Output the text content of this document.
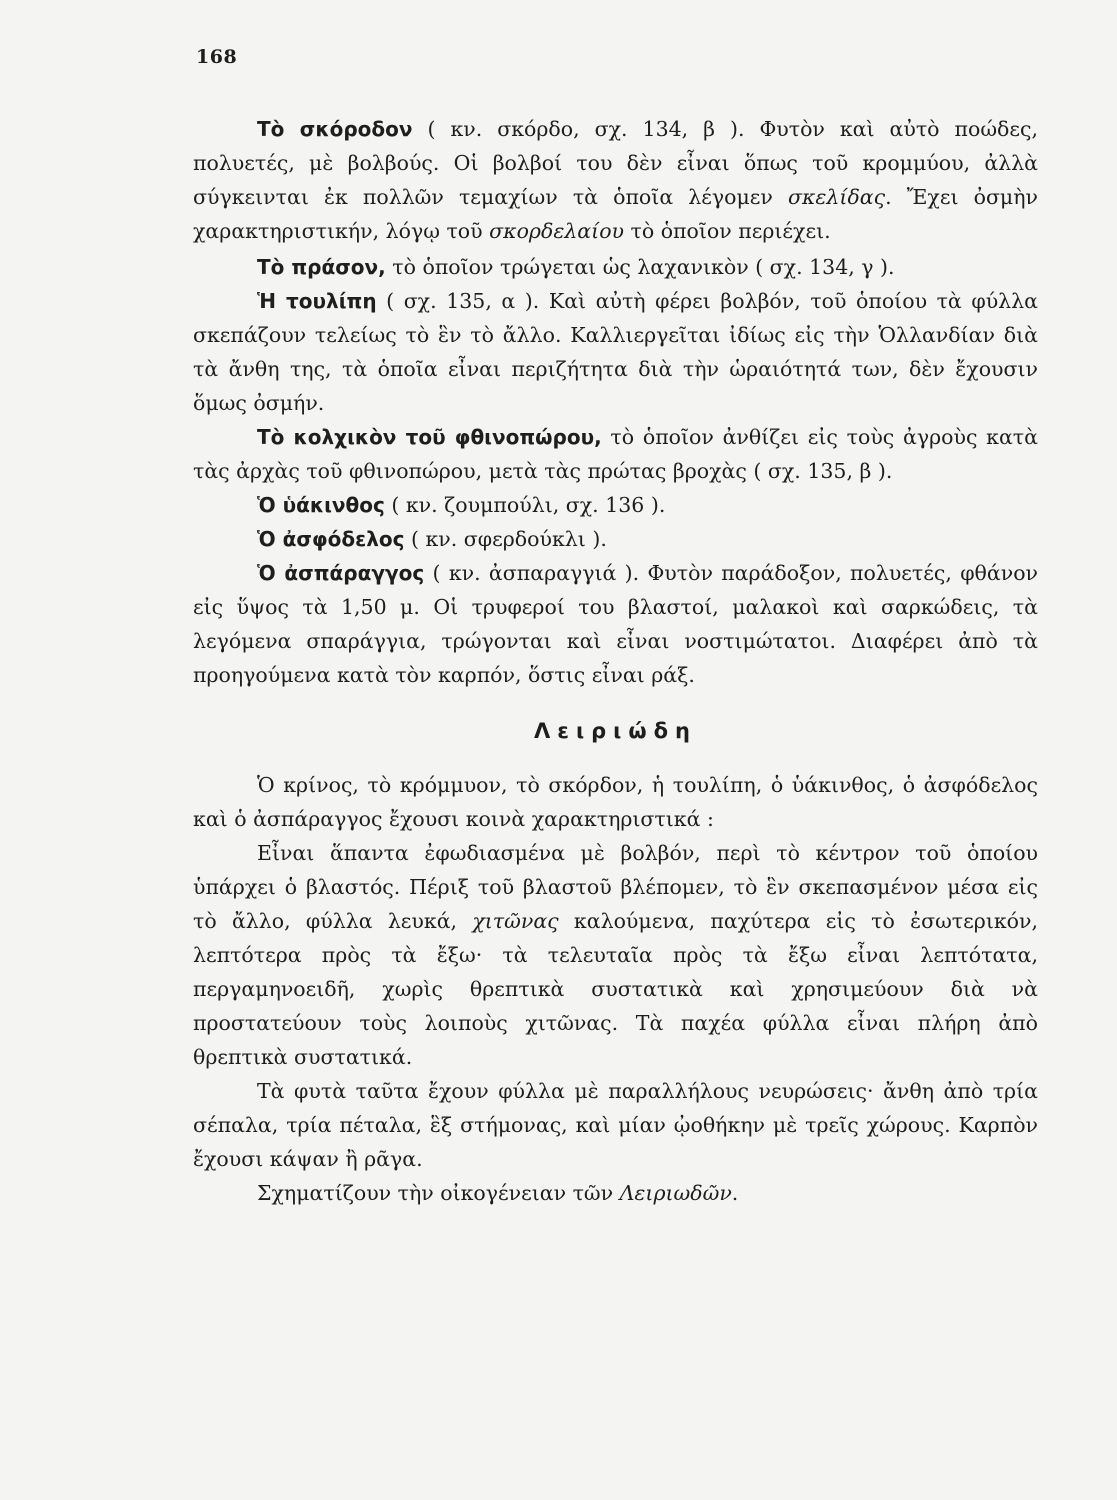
168

Τὸ σκόροδον ( κν. σκόρδο, σχ. 134, β ). Φυτὸν καὶ αὐτὸ ποώδες, πολυετές, μὲ βολβούς. Οἱ βολβοί του δὲν εἶναι ὅπως τοῦ κρομμύου, ἀλλὰ σύγκεινται ἐκ πολλῶν τεμαχίων τὰ ὁποῖα λέγομεν σκελίδας. Ἔχει ὀσμὴν χαρακτηριστικήν, λόγῳ τοῦ σκορδελαίου τὸ ὁποῖον περιέχει.

Τὸ πράσον, τὸ ὁποῖον τρώγεται ὡς λαχανικὸν ( σχ. 134, γ ).

Ἡ τουλίπη ( σχ. 135, α ). Καὶ αὐτὴ φέρει βολβόν, τοῦ ὁποίου τὰ φύλλα σκεπάζουν τελείως τὸ ἓν τὸ ἄλλο. Καλλιεργεῖται ἰδίως εἰς τὴν Ὁλλανδίαν διὰ τὰ ἄνθη της, τὰ ὁποῖα εἶναι περιζήτητα διὰ τὴν ὡραιότητά των, δὲν ἔχουσιν ὅμως ὀσμήν.

Τὸ κολχικὸν τοῦ φθινοπώρου, τὸ ὁποῖον ἀνθίζει εἰς τοὺς ἀγροὺς κατὰ τὰς ἀρχὰς τοῦ φθινοπώρου, μετὰ τὰς πρώτας βροχὰς ( σχ. 135, β ).

Ὁ ὑάκινθος ( κν. ζουμπούλι, σχ. 136 ).

Ὁ ἀσφόδελος ( κν. σφερδούκλι ).

Ὁ ἀσπάραγγος ( κν. ἀσπαραγγιά ). Φυτὸν παράδοξον, πολυετές, φθάνον εἰς ὕψος τὰ 1,50 μ. Οἱ τρυφεροί του βλαστοί, μαλακοὶ καὶ σαρκώδεις, τὰ λεγόμενα σπαράγγια, τρώγονται καὶ εἶναι νοστιμώτατοι. Διαφέρει ἀπὸ τὰ προηγούμενα κατὰ τὸν καρπόν, ὅστις εἶναι ράξ.

Λειριώδη

Ὁ κρίνος, τὸ κρόμμυον, τὸ σκόρδον, ἡ τουλίπη, ὁ ὑάκινθος, ὁ ἀσφόδελος καὶ ὁ ἀσπάραγγος ἔχουσι κοινὰ χαρακτηριστικά :

Εἶναι ἅπαντα ἐφωδιασμένα μὲ βολβόν, περὶ τὸ κέντρον τοῦ ὁποίου ὑπάρχει ὁ βλαστός. Πέριξ τοῦ βλαστοῦ βλέπομεν, τὸ ἓν σκεπασμένον μέσα εἰς τὸ ἄλλο, φύλλα λευκά, χιτῶνας καλούμενα, παχύτερα εἰς τὸ ἐσωτερικόν, λεπτότερα πρὸς τὰ ἔξω· τὰ τελευταῖα πρὸς τὰ ἔξω εἶναι λεπτότατα, περγαμηνοειδῆ, χωρὶς θρεπτικὰ συστατικὰ καὶ χρησιμεύουν διὰ νὰ προστατεύουν τοὺς λοιποὺς χιτῶνας. Τὰ παχέα φύλλα εἶναι πλήρη ἀπὸ θρεπτικὰ συστατικά.

Τὰ φυτὰ ταῦτα ἔχουν φύλλα μὲ παραλλήλους νευρώσεις· ἄνθη ἀπὸ τρία σέπαλα, τρία πέταλα, ἓξ στήμονας, καὶ μίαν ᾠοθήκην μὲ τρεῖς χώρους. Καρπὸν ἔχουσι κάψαν ἢ ρᾶγα.

Σχηματίζουν τὴν οἰκογένειαν τῶν Λειριωδῶν.
